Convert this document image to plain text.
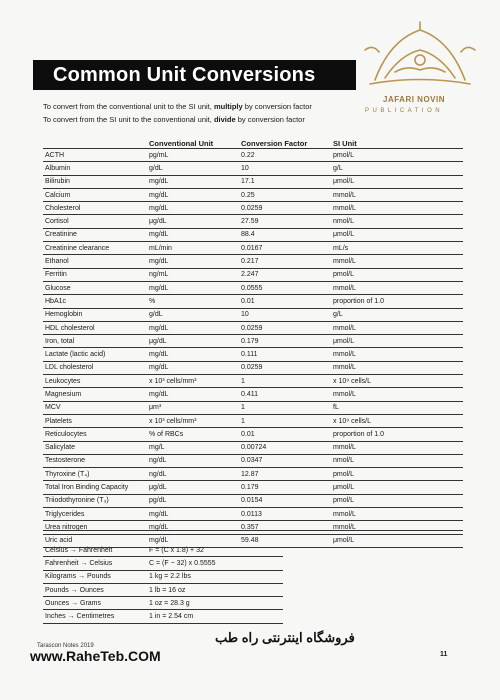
Common Unit Conversions
JAFARI NOVIN
PUBLICATION
To convert from the conventional unit to the SI unit, multiply by conversion factor
To convert from the SI unit to the conventional unit, divide by conversion factor
	Conventional Unit	Conversion Factor	SI Unit
ACTH	pg/mL	0.22	pmol/L
Albumin	g/dL	10	g/L
Bilirubin	mg/dL	17.1	μmol/L
Calcium	mg/dL	0.25	mmol/L
Cholesterol	mg/dL	0.0259	mmol/L
Cortisol	μg/dL	27.59	nmol/L
Creatinine	mg/dL	88.4	μmol/L
Creatinine clearance	mL/min	0.0167	mL/s
Ethanol	mg/dL	0.217	mmol/L
Ferritin	ng/mL	2.247	pmol/L
Glucose	mg/dL	0.0555	mmol/L
HbA1c	%	0.01	proportion of 1.0
Hemoglobin	g/dL	10	g/L
HDL cholesterol	mg/dL	0.0259	mmol/L
Iron, total	μg/dL	0.179	μmol/L
Lactate (lactic acid)	mg/dL	0.111	mmol/L
LDL cholesterol	mg/dL	0.0259	mmol/L
Leukocytes	x 10³ cells/mm³	1	x 10⁹ cells/L
Magnesium	mg/dL	0.411	mmol/L
MCV	μm³	1	fL
Platelets	x 10³ cells/mm³	1	x 10⁹ cells/L
Reticulocytes	% of RBCs	0.01	proportion of 1.0
Salicylate	mg/L	0.00724	mmol/L
Testosterone	ng/dL	0.0347	nmol/L
Thyroxine (T₄)	ng/dL	12.87	pmol/L
Total Iron Binding Capacity	μg/dL	0.179	μmol/L
Triiodothyronine (T₃)	pg/dL	0.0154	pmol/L
Triglycerides	mg/dL	0.0113	mmol/L
Urea nitrogen	mg/dL	0.357	mmol/L
Uric acid	mg/dL	59.48	μmol/L
Celsius → Fahrenheit	F = (C x 1.8) + 32
Fahrenheit → Celsius	C = (F − 32) x 0.5555
Kilograms → Pounds	1 kg = 2.2 lbs
Pounds → Ounces	1 lb = 16 oz
Ounces → Grams	1 oz = 28.3 g
Inches → Centimetres	1 in = 2.54 cm
Tarascon Notes 2019
فروشگاه اینترنتی راه طب
www.RaheTeb.COM	11
